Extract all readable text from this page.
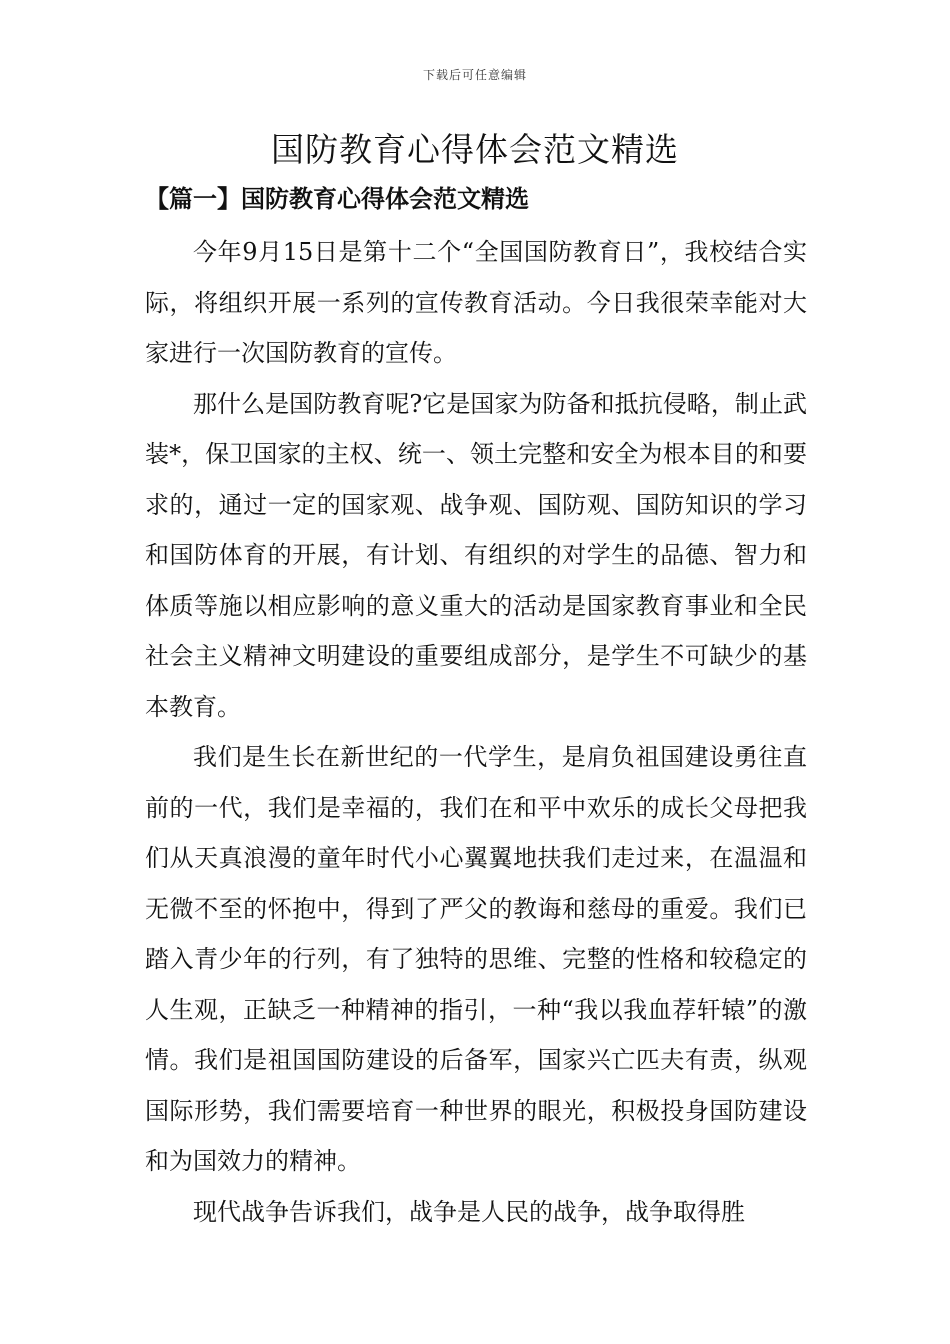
下载后可任意编辑
国防教育心得体会范文精选
【篇一】国防教育心得体会范文精选

今年9月15日是第十二个“全国国防教育日”，我校结合实际，将组织开展一系列的宣传教育活动。今日我很荣幸能对大家进行一次国防教育的宣传。

那什么是国防教育呢?它是国家为防备和抵抗侵略，制止武装*，保卫国家的主权、统一、领土完整和安全为根本目的和要求的，通过一定的国家观、战争观、国防观、国防知识的学习和国防体育的开展，有计划、有组织的对学生的品德、智力和体质等施以相应影响的意义重大的活动是国家教育事业和全民社会主义精神文明建设的重要组成部分，是学生不可缺少的基本教育。

我们是生长在新世纪的一代学生，是肩负祖国建设勇往直前的一代，我们是幸福的，我们在和平中欢乐的成长父母把我们从天真浪漫的童年时代小心翼翼地扶我们走过来，在温温和无微不至的怀抱中，得到了严父的教诲和慈母的重爱。我们已踏入青少年的行列，有了独特的思维、完整的性格和较稳定的人生观，正缺乏一种精神的指引，一种“我以我血荐轩辕”的激情。我们是祖国国防建设的后备军，国家兴亡匹夫有责，纵观国际形势，我们需要培育一种世界的眼光，积极投身国防建设和为国效力的精神。

现代战争告诉我们，战争是人民的战争，战争取得胜
